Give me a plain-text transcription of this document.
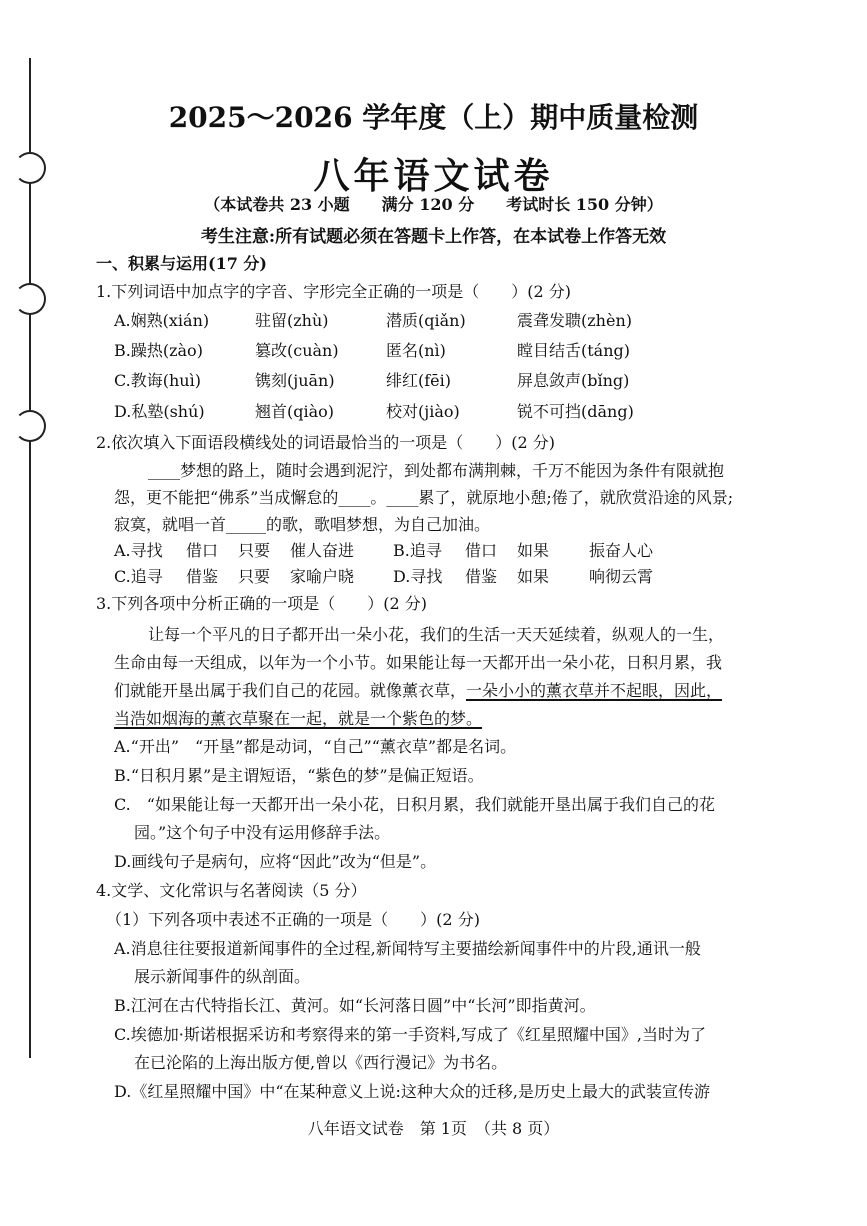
2025～2026 学年度（上）期中质量检测
八年语文试卷
（本试卷共 23 小题　　满分 120 分　　考试时长 150 分钟）
考生注意:所有试题必须在答题卡上作答，在本试卷上作答无效
一、积累与运用(17 分)
1.下列词语中加点字的字音、字形完全正确的一项是（　　）(2 分)
A.娴熟(xián)	驻留(zhù)	潜质(qiǎn)	震聋发聩(zhèn)
B.躁热(zào)	篡改(cuàn)	匿名(nì)	瞠目结舌(táng)
C.教诲(huì)	镌刻(juān)	绯红(fēi)	屏息敛声(bǐng)
D.私塾(shú)	翘首(qiào)	校对(jiào)	锐不可挡(dāng)
2.依次填入下面语段横线处的词语最恰当的一项是（　　）(2 分)
____梦想的路上，随时会遇到泥泞，到处都布满荆棘，千万不能因为条件有限就抱
怨，更不能把“佛系”当成懈怠的____。____累了，就原地小憩;倦了，就欣赏沿途的风景;
寂寞，就唱一首_____的歌，歌唱梦想，为自己加油。
A.寻找 借口 只要 催人奋进 B.追寻 借口 如果 振奋人心
C.追寻 借鉴 只要 家喻户晓 D.寻找 借鉴 如果 响彻云霄
3.下列各项中分析正确的一项是（　　）(2 分)
让每一个平凡的日子都开出一朵小花，我们的生活一天天延续着，纵观人的一生，
生命由每一天组成，以年为一个小节。如果能让每一天都开出一朵小花，日积月累，我
们就能开垦出属于我们自己的花园。就像薰衣草，一朵小小的薰衣草并不起眼，因此，
当浩如烟海的薰衣草聚在一起，就是一个紫色的梦。
A.“开出”　“开垦”都是动词，“自己”“薰衣草”都是名词。
B.“日积月累”是主谓短语，“紫色的梦”是偏正短语。
C.　“如果能让每一天都开出一朵小花，日积月累，我们就能开垦出属于我们自己的花
园。”这个句子中没有运用修辞手法。
D.画线句子是病句，应将“因此”改为“但是”。
4.文学、文化常识与名著阅读（5 分）
（1）下列各项中表述不正确的一项是（　　）(2 分)
A.消息往往要报道新闻事件的全过程,新闻特写主要描绘新闻事件中的片段,通讯一般
展示新闻事件的纵剖面。
B.江河在古代特指长江、黄河。如“长河落日圆”中“长河”即指黄河。
C.埃德加·斯诺根据采访和考察得来的第一手资料,写成了《红星照耀中国》,当时为了
在已沦陷的上海出版方便,曾以《西行漫记》为书名。
D.《红星照耀中国》中“在某种意义上说:这种大众的迁移,是历史上最大的武装宣传游
八年语文试卷　第 1页　（共 8 页）
